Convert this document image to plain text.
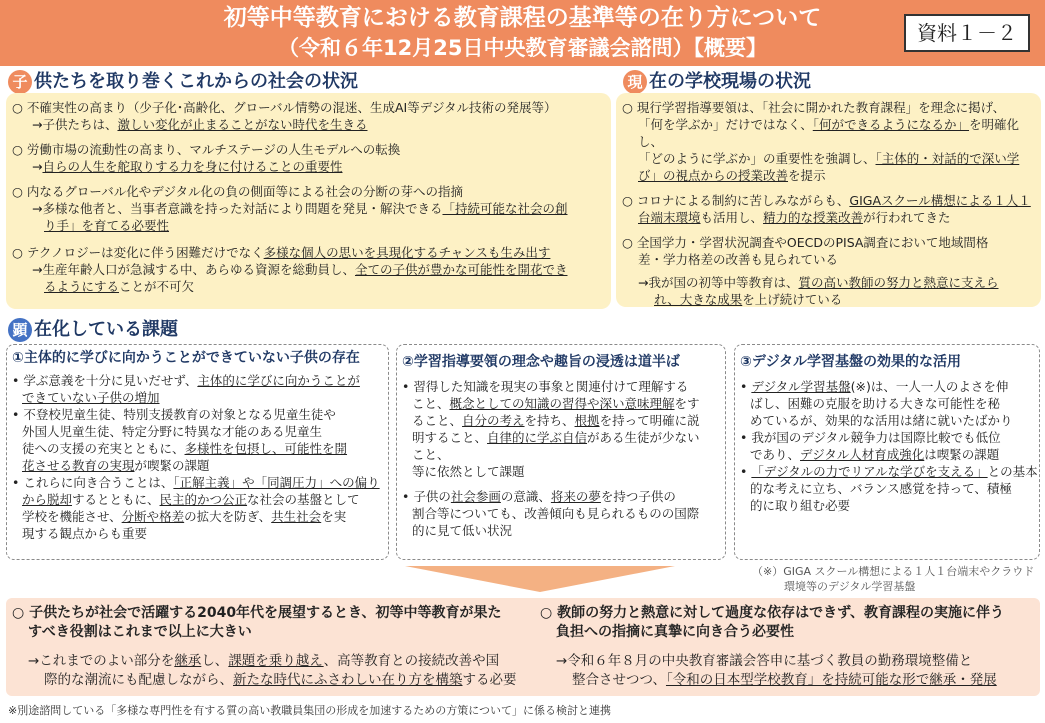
初等中等教育における教育課程の基準等の在り方について
（令和６年12月25日中央教育審議会諮問）【概要】
資料１－２
子 供たちを取り巻くこれからの社会の状況
○ 不確実性の高まり（少子化･高齢化、グローバル情勢の混迷、生成AI等デジタル技術の発展等）
→子供たちは、激しい変化が止まることがない時代を生きる
○ 労働市場の流動性の高まり、マルチステージの人生モデルへの転換
→自らの人生を舵取りする力を身に付けることの重要性
○ 内なるグローバル化やデジタル化の負の側面等による社会の分断の芽への指摘
→多様な他者と、当事者意識を持った対話により問題を発見・解決できる「持続可能な社会の創
り手」を育てる必要性
○ テクノロジーは変化に伴う困難だけでなく多様な個人の思いを具現化するチャンスも生み出す
→生産年齢人口が急減する中、あらゆる資源を総動員し、全ての子供が豊かな可能性を開花でき
るようにすることが不可欠
現 在の学校現場の状況
○ 現行学習指導要領は、「社会に開かれた教育課程」を理念に掲げ、
「何を学ぶか」だけではなく、「何ができるようになるか」を明確化し、
「どのように学ぶか」の重要性を強調し、「主体的・対話的で深い学
び」の視点からの授業改善を提示
○ コロナによる制約に苦しみながらも、GIGAスクール構想による１人１
台端末環境も活用し、精力的な授業改善が行われてきた
○ 全国学力・学習状況調査やOECDのPISA調査において地域間格
差・学力格差の改善も見られている
→我が国の初等中等教育は、質の高い教師の努力と熱意に支えら
れ、大きな成果を上げ続けている
顕 在化している課題
①主体的に学びに向かうことができていない子供の存在
• 学ぶ意義を十分に見いだせず、主体的に学びに向かうことが
できていない子供の増加
• 不登校児童生徒、特別支援教育の対象となる児童生徒や
外国人児童生徒、特定分野に特異な才能のある児童生
徒への支援の充実とともに、多様性を包摂し、可能性を開
花させる教育の実現が喫緊の課題
• これらに向き合うことは、「正解主義」や「同調圧力」への偏り
から脱却するとともに、民主的かつ公正な社会の基盤として
学校を機能させ、分断や格差の拡大を防ぎ、共生社会を実
現する観点からも重要
②学習指導要領の理念や趣旨の浸透は道半ば
• 習得した知識を現実の事象と関連付けて理解する
こと、概念としての知識の習得や深い意味理解をす
ること、自分の考えを持ち、根拠を持って明確に説
明すること、自律的に学ぶ自信がある生徒が少ない
こと、
等に依然として課題
• 子供の社会参画の意識、将来の夢を持つ子供の
割合等についても、改善傾向も見られるものの国際
的に見て低い状況
③デジタル学習基盤の効果的な活用
• デジタル学習基盤(※)は、一人一人のよさを伸
ばし、困難の克服を助ける大きな可能性を秘
めているが、効果的な活用は緒に就いたばかり
• 我が国のデジタル競争力は国際比較でも低位
であり、デジタル人材育成強化は喫緊の課題
• 「デジタルの力でリアルな学びを支える」との基本
的な考えに立ち、バランス感覚を持って、積極
的に取り組む必要
（※）GIGA スクール構想による１人１台端末やクラウド
環境等のデジタル学習基盤
○ 子供たちが社会で活躍する2040年代を展望するとき、初等中等教育が果た
すべき役割はこれまで以上に大きい
→これまでのよい部分を継承し、課題を乗り越え、高等教育との接続改善や国
際的な潮流にも配慮しながら、新たな時代にふさわしい在り方を構築する必要
○ 教師の努力と熱意に対して過度な依存はできず、教育課程の実施に伴う
負担への指摘に真摯に向き合う必要性
→令和６年８月の中央教育審議会答申に基づく教員の勤務環境整備と
整合させつつ、「令和の日本型学校教育」を持続可能な形で継承・発展
※別途諮問している「多様な専門性を有する質の高い教職員集団の形成を加速するための方策について」に係る検討と連携
